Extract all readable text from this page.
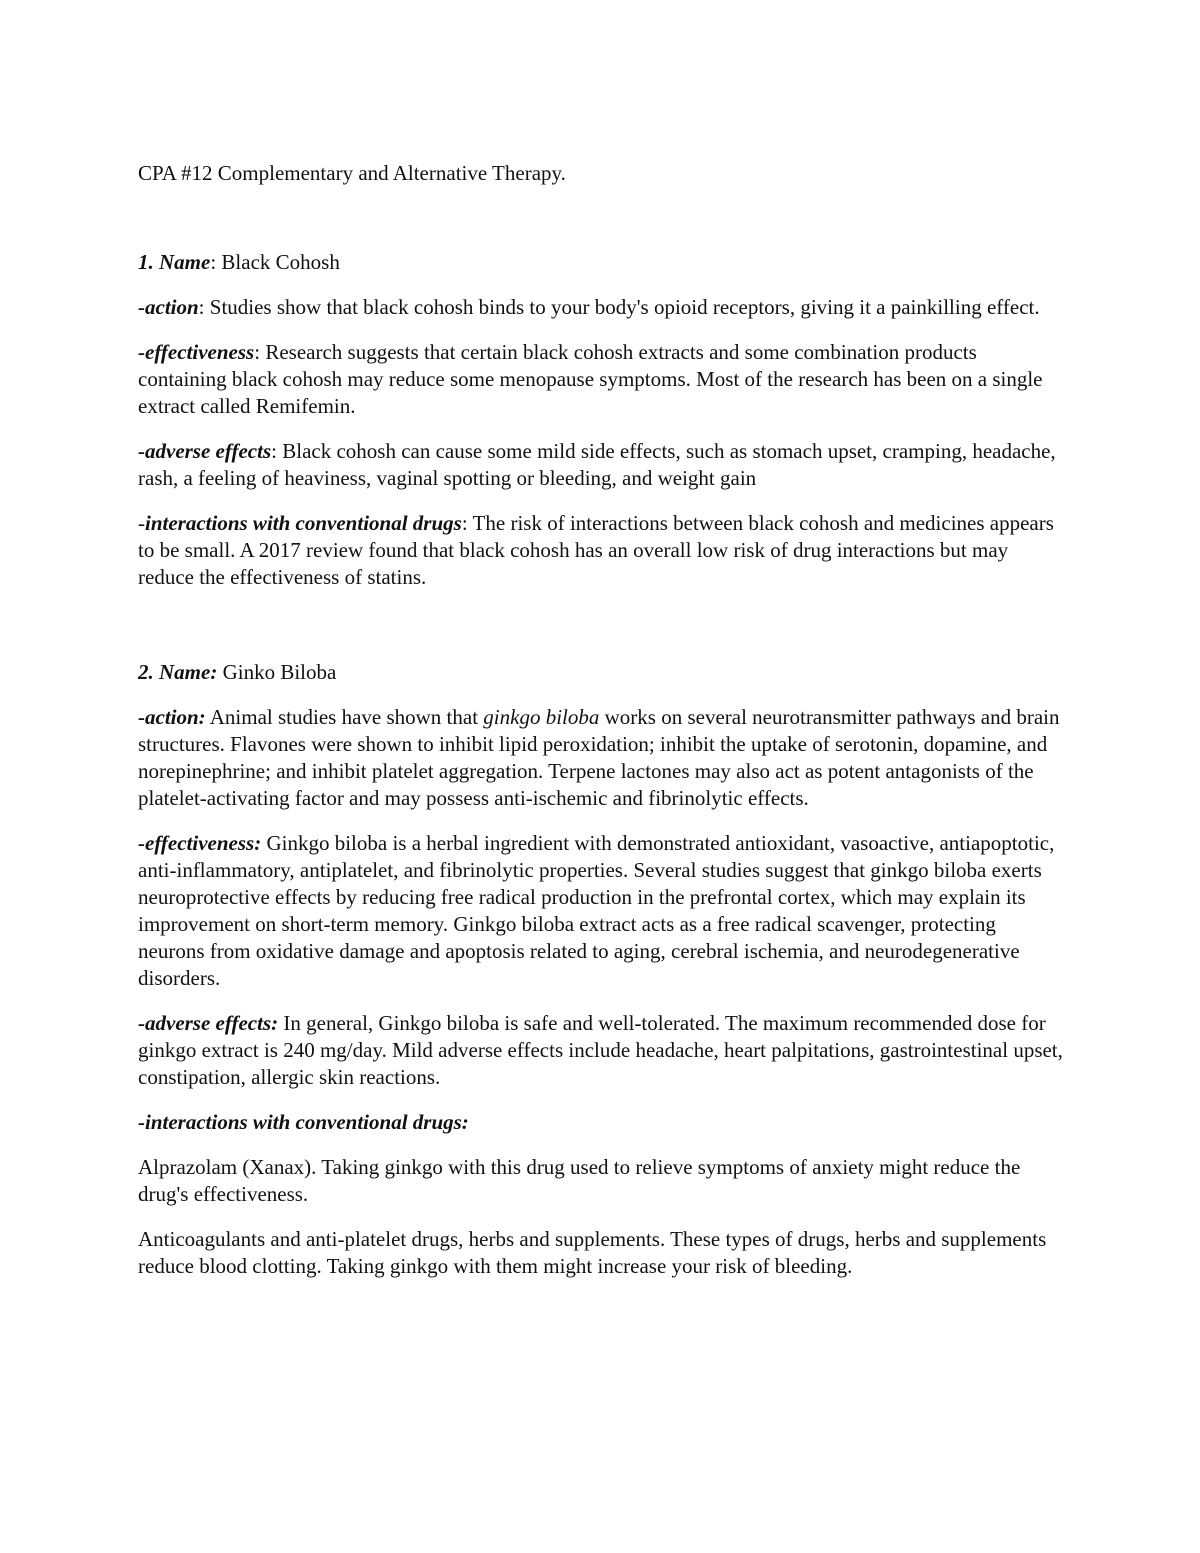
CPA #12 Complementary and Alternative Therapy.

1. Name: Black Cohosh

-action: Studies show that black cohosh binds to your body's opioid receptors, giving it a painkilling effect.

-effectiveness: Research suggests that certain black cohosh extracts and some combination products containing black cohosh may reduce some menopause symptoms. Most of the research has been on a single extract called Remifemin.

-adverse effects: Black cohosh can cause some mild side effects, such as stomach upset, cramping, headache, rash, a feeling of heaviness, vaginal spotting or bleeding, and weight gain

-interactions with conventional drugs: The risk of interactions between black cohosh and medicines appears to be small. A 2017 review found that black cohosh has an overall low risk of drug interactions but may reduce the effectiveness of statins.

2. Name: Ginko Biloba

-action: Animal studies have shown that ginkgo biloba works on several neurotransmitter pathways and brain structures. Flavones were shown to inhibit lipid peroxidation; inhibit the uptake of serotonin, dopamine, and norepinephrine; and inhibit platelet aggregation. Terpene lactones may also act as potent antagonists of the platelet-activating factor and may possess anti-ischemic and fibrinolytic effects.

-effectiveness: Ginkgo biloba is a herbal ingredient with demonstrated antioxidant, vasoactive, antiapoptotic, anti-inflammatory, antiplatelet, and fibrinolytic properties. Several studies suggest that ginkgo biloba exerts neuroprotective effects by reducing free radical production in the prefrontal cortex, which may explain its improvement on short-term memory. Ginkgo biloba extract acts as a free radical scavenger, protecting neurons from oxidative damage and apoptosis related to aging, cerebral ischemia, and neurodegenerative disorders.

-adverse effects: In general, Ginkgo biloba is safe and well-tolerated. The maximum recommended dose for ginkgo extract is 240 mg/day. Mild adverse effects include headache, heart palpitations, gastrointestinal upset, constipation, allergic skin reactions.

-interactions with conventional drugs:

Alprazolam (Xanax). Taking ginkgo with this drug used to relieve symptoms of anxiety might reduce the drug's effectiveness.

Anticoagulants and anti-platelet drugs, herbs and supplements. These types of drugs, herbs and supplements reduce blood clotting. Taking ginkgo with them might increase your risk of bleeding.
